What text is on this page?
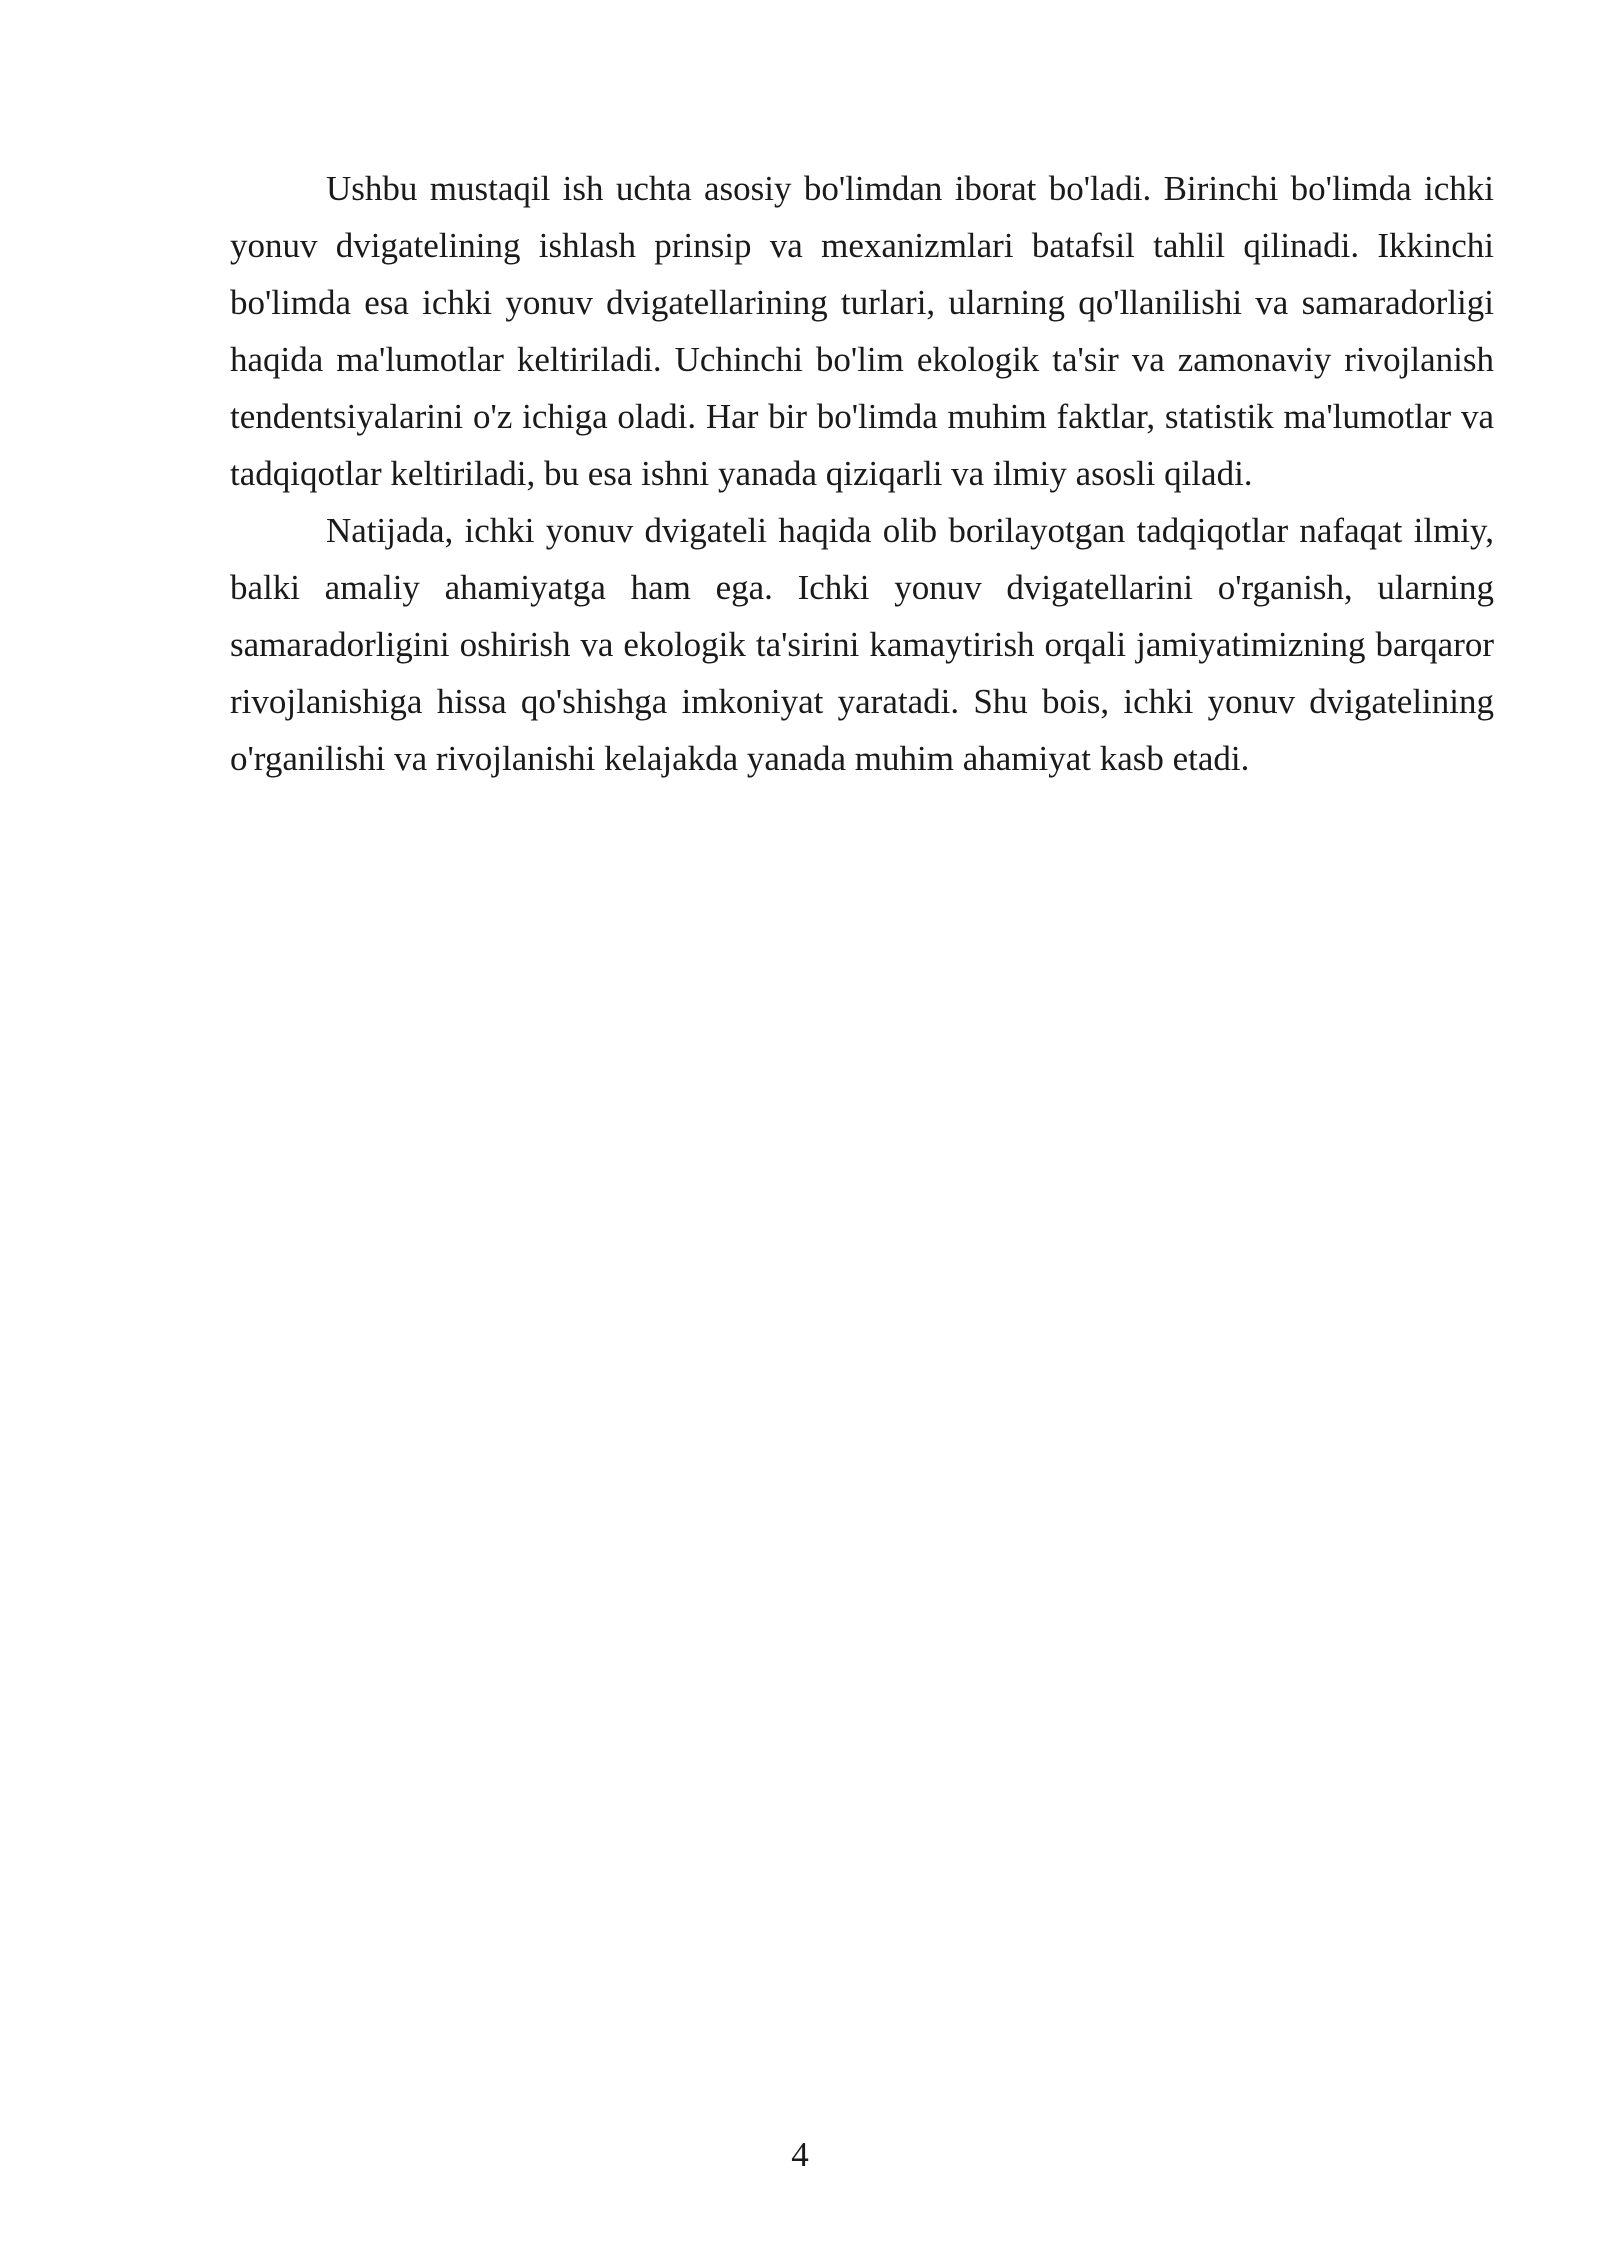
Ushbu mustaqil ish uchta asosiy bo'limdan iborat bo'ladi. Birinchi bo'limda ichki yonuv dvigatelining ishlash prinsip va mexanizmlari batafsil tahlil qilinadi. Ikkinchi bo'limda esa ichki yonuv dvigatellarining turlari, ularning qo'llanilishi va samaradorligi haqida ma'lumotlar keltiriladi. Uchinchi bo'lim ekologik ta'sir va zamonaviy rivojlanish tendentsiyalarini o'z ichiga oladi. Har bir bo'limda muhim faktlar, statistik ma'lumotlar va tadqiqotlar keltiriladi, bu esa ishni yanada qiziqarli va ilmiy asosli qiladi.

Natijada, ichki yonuv dvigateli haqida olib borilayotgan tadqiqotlar nafaqat ilmiy, balki amaliy ahamiyatga ham ega. Ichki yonuv dvigatellarini o'rganish, ularning samaradorligini oshirish va ekologik ta'sirini kamaytirish orqali jamiyatimizning barqaror rivojlanishiga hissa qo'shishga imkoniyat yaratadi. Shu bois, ichki yonuv dvigatelining o'rganilishi va rivojlanishi kelajakda yanada muhim ahamiyat kasb etadi.

4
